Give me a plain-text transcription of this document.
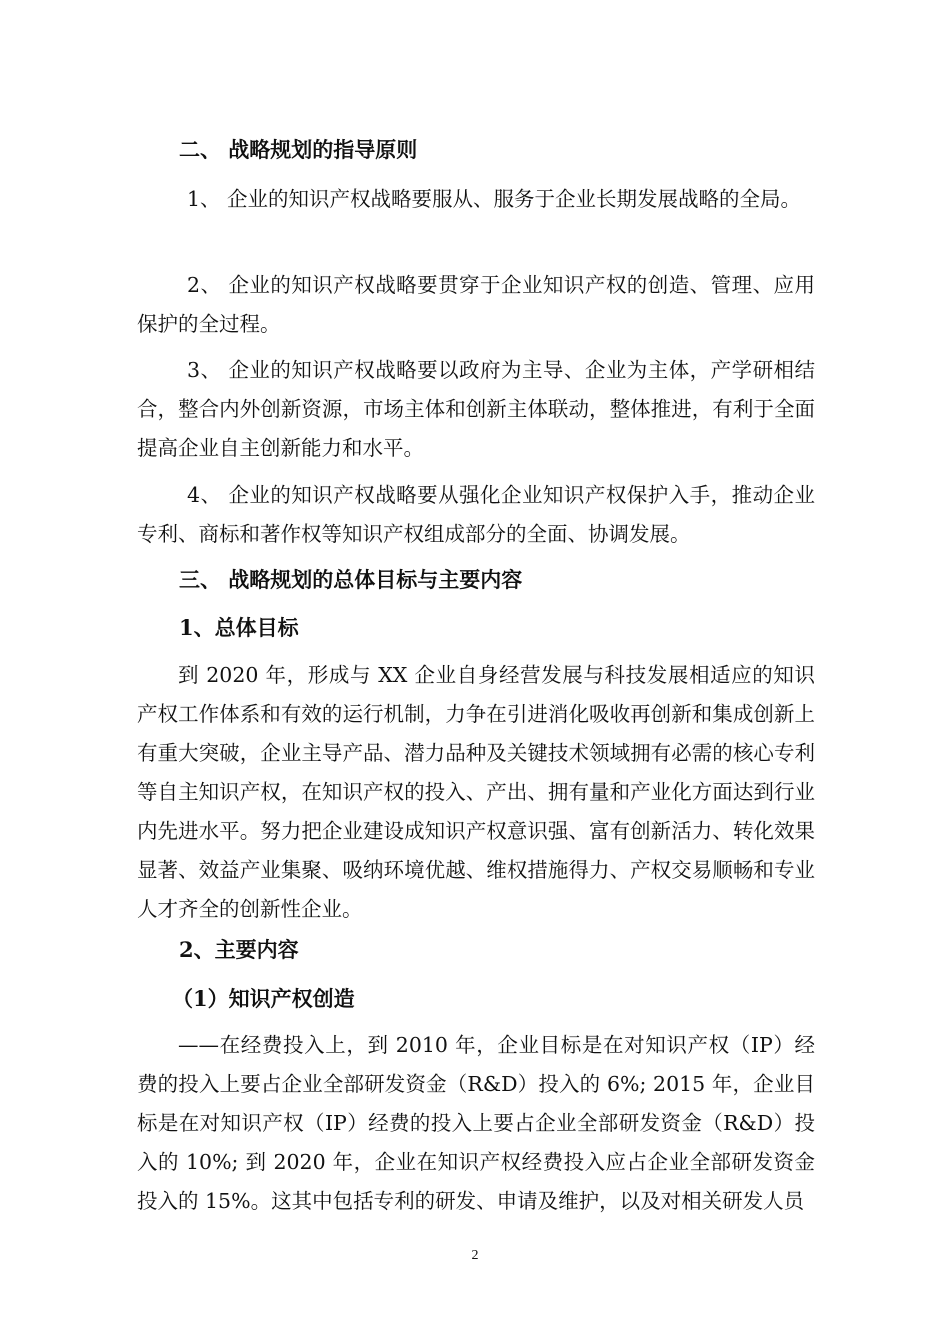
二、 战略规划的指导原则
1、 企业的知识产权战略要服从、服务于企业长期发展战略的全局。
2、 企业的知识产权战略要贯穿于企业知识产权的创造、管理、应用保护的全过程。
3、 企业的知识产权战略要以政府为主导、企业为主体，产学研相结合，整合内外创新资源，市场主体和创新主体联动，整体推进，有利于全面提高企业自主创新能力和水平。
4、 企业的知识产权战略要从强化企业知识产权保护入手，推动企业专利、商标和著作权等知识产权组成部分的全面、协调发展。
三、 战略规划的总体目标与主要内容
1、总体目标
到 2020 年，形成与 XX 企业自身经营发展与科技发展相适应的知识产权工作体系和有效的运行机制，力争在引进消化吸收再创新和集成创新上有重大突破，企业主导产品、潜力品种及关键技术领域拥有必需的核心专利等自主知识产权，在知识产权的投入、产出、拥有量和产业化方面达到行业内先进水平。努力把企业建设成知识产权意识强、富有创新活力、转化效果显著、效益产业集聚、吸纳环境优越、维权措施得力、产权交易顺畅和专业人才齐全的创新性企业。
2、主要内容
（1）知识产权创造
——在经费投入上，到 2010 年，企业目标是在对知识产权（IP）经费的投入上要占企业全部研发资金（R&D）投入的 6%; 2015 年，企业目标是在对知识产权（IP）经费的投入上要占企业全部研发资金（R&D）投入的 10%; 到 2020 年，企业在知识产权经费投入应占企业全部研发资金投入的 15%。这其中包括专利的研发、申请及维护，以及对相关研发人员
2
